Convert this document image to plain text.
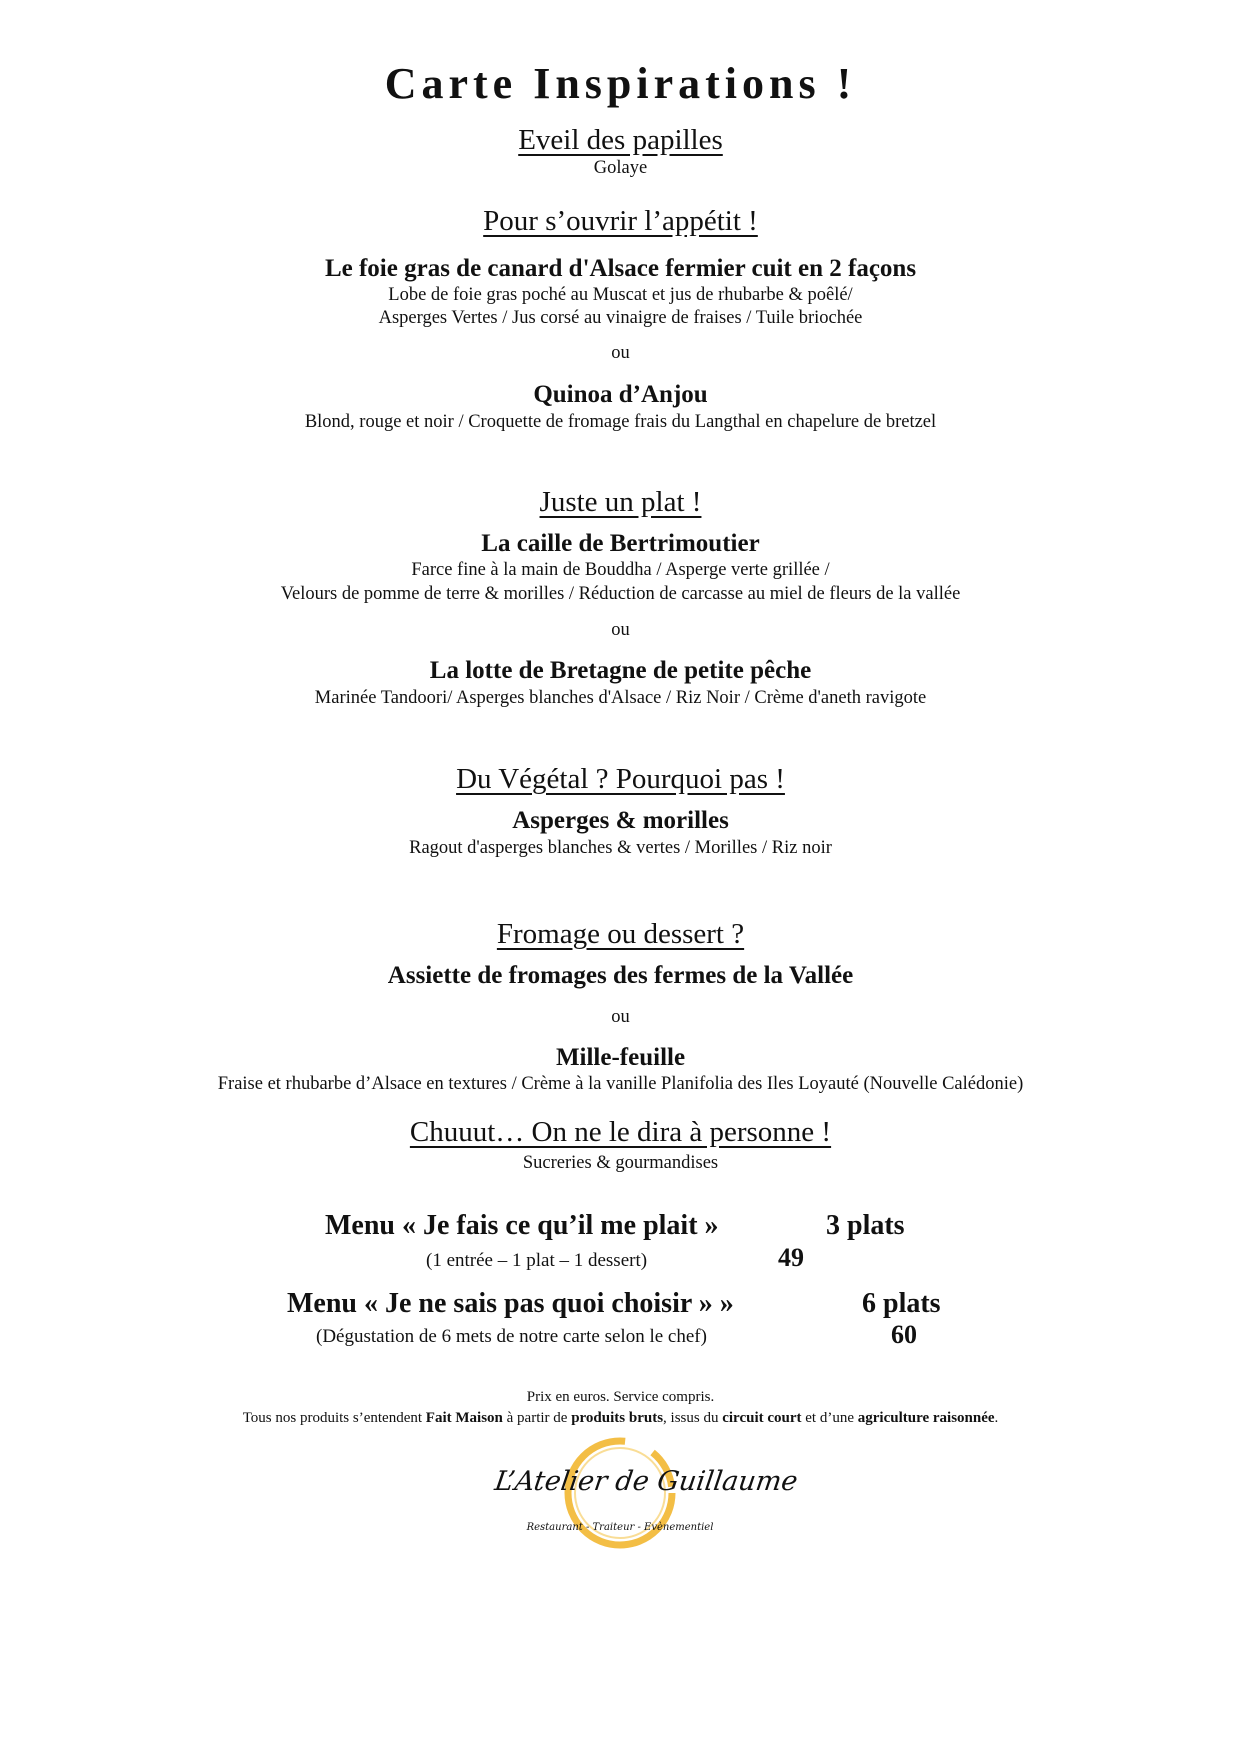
Carte Inspirations !
Eveil des papilles
Golaye
Pour s’ouvrir l’appétit !
Le foie gras de canard d'Alsace fermier cuit en 2 façons
Lobe de foie gras poché au Muscat et jus de rhubarbe & poêlé/
Asperges Vertes / Jus corsé au vinaigre de fraises / Tuile briochée
ou
Quinoa d’Anjou
Blond, rouge et noir / Croquette de fromage frais du Langthal en chapelure de bretzel
Juste un plat !
La caille de Bertrimoutier
Farce fine à la main de Bouddha / Asperge verte grillée /
Velours de pomme de terre & morilles / Réduction de carcasse au miel de fleurs de la vallée
ou
La lotte de Bretagne de petite pêche
Marinée Tandoori/ Asperges blanches d'Alsace / Riz Noir / Crème d'aneth ravigote
Du Végétal ? Pourquoi pas !
Asperges & morilles
Ragout d'asperges blanches & vertes / Morilles / Riz noir
Fromage ou dessert ?
Assiette de fromages des fermes de la Vallée
ou
Mille-feuille
Fraise et rhubarbe d’Alsace en textures / Crème à la vanille Planifolia des Iles Loyauté (Nouvelle Calédonie)
Chuuut… On ne le dira à personne !
Sucreries & gourmandises
Menu « Je fais ce qu’il me plait »	3 plats
(1 entrée – 1 plat – 1 dessert)	49
Menu « Je ne sais pas quoi choisir » »	6 plats
(Dégustation de 6 mets de notre carte selon le chef)	60
Prix en euros. Service compris.
Tous nos produits s’entendent Fait Maison à partir de produits bruts, issus du circuit court et d’une agriculture raisonnée.
L’Atelier de Guillaume
Restaurant - Traiteur - Evènementiel
